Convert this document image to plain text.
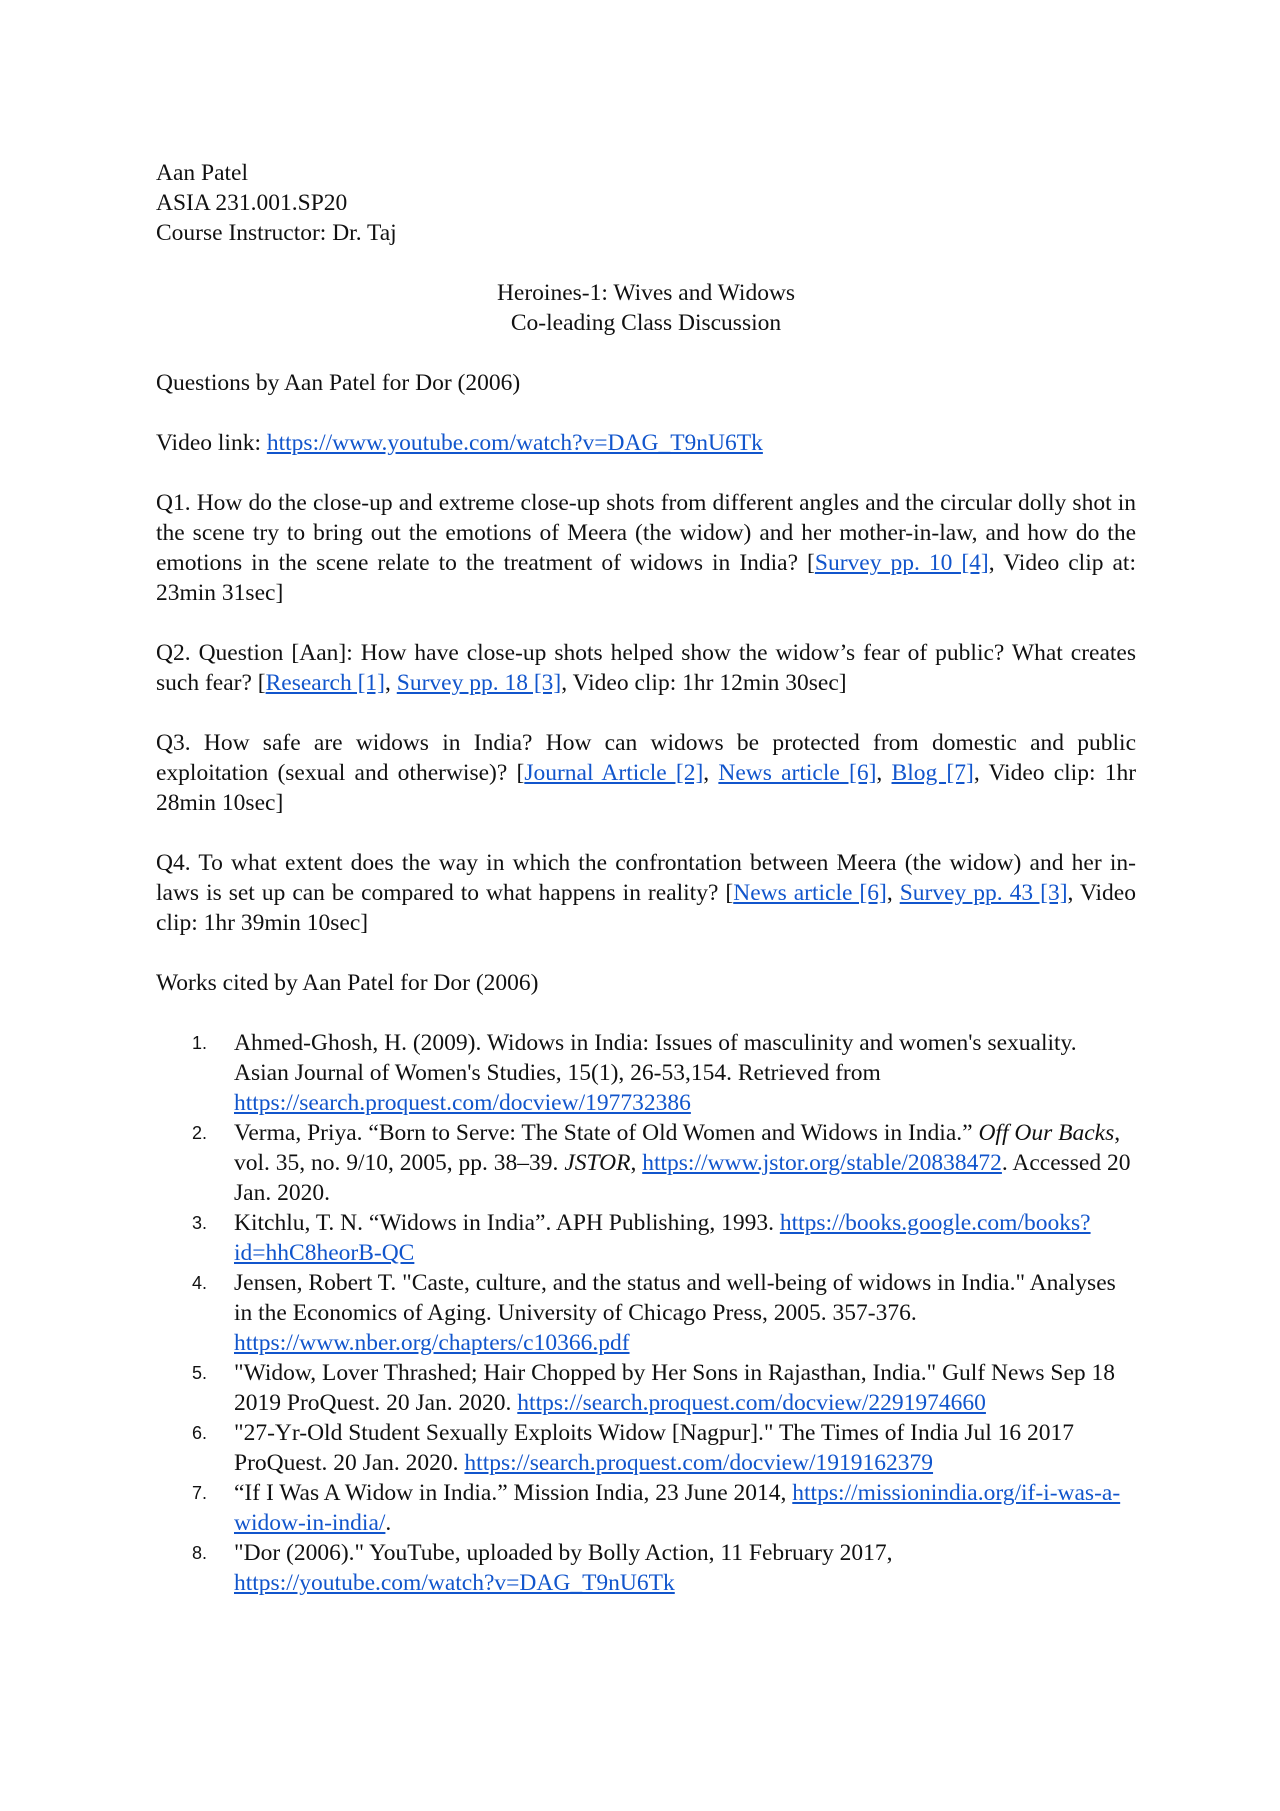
Aan Patel
ASIA 231.001.SP20
Course Instructor: Dr. Taj
Heroines-1: Wives and Widows
Co-leading Class Discussion
Questions by Aan Patel for Dor (2006)
Video link: https://www.youtube.com/watch?v=DAG_T9nU6Tk
Q1. How do the close-up and extreme close-up shots from different angles and the circular dolly shot in the scene try to bring out the emotions of Meera (the widow) and her mother-in-law, and how do the emotions in the scene relate to the treatment of widows in India? [Survey pp. 10 [4], Video clip at: 23min 31sec]
Q2. Question [Aan]: How have close-up shots helped show the widow’s fear of public? What creates such fear? [Research [1], Survey pp. 18 [3], Video clip: 1hr 12min 30sec]
Q3. How safe are widows in India? How can widows be protected from domestic and public exploitation (sexual and otherwise)? [Journal Article [2], News article [6], Blog [7], Video clip: 1hr 28min 10sec]
Q4. To what extent does the way in which the confrontation between Meera (the widow) and her in-laws is set up can be compared to what happens in reality? [News article [6], Survey pp. 43 [3], Video clip: 1hr 39min 10sec]
Works cited by Aan Patel for Dor (2006)
1. Ahmed-Ghosh, H. (2009). Widows in India: Issues of masculinity and women's sexuality. Asian Journal of Women's Studies, 15(1), 26-53,154. Retrieved from https://search.proquest.com/docview/197732386
2. Verma, Priya. “Born to Serve: The State of Old Women and Widows in India.” Off Our Backs, vol. 35, no. 9/10, 2005, pp. 38–39. JSTOR, https://www.jstor.org/stable/20838472. Accessed 20 Jan. 2020.
3. Kitchlu, T. N. “Widows in India”. APH Publishing, 1993. https://books.google.com/books?id=hhC8heorB-QC
4. Jensen, Robert T. "Caste, culture, and the status and well-being of widows in India." Analyses in the Economics of Aging. University of Chicago Press, 2005. 357-376. https://www.nber.org/chapters/c10366.pdf
5. "Widow, Lover Thrashed; Hair Chopped by Her Sons in Rajasthan, India." Gulf News Sep 18 2019 ProQuest. 20 Jan. 2020. https://search.proquest.com/docview/2291974660
6. "27-Yr-Old Student Sexually Exploits Widow [Nagpur]." The Times of India Jul 16 2017 ProQuest. 20 Jan. 2020. https://search.proquest.com/docview/1919162379
7. “If I Was A Widow in India.” Mission India, 23 June 2014, https://missionindia.org/if-i-was-a-widow-in-india/.
8. "Dor (2006)." YouTube, uploaded by Bolly Action, 11 February 2017, https://youtube.com/watch?v=DAG_T9nU6Tk
